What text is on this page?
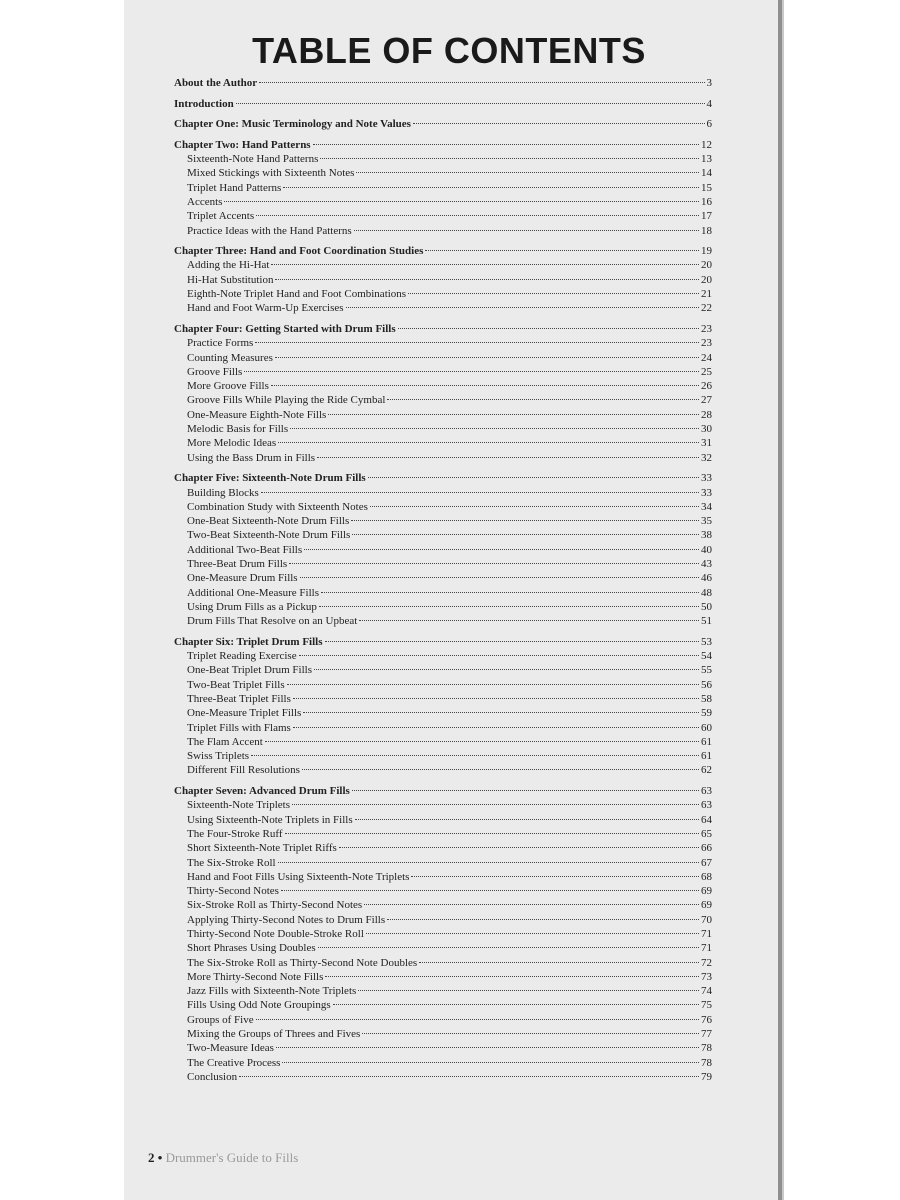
TABLE OF CONTENTS
About the Author	3
Introduction	4
Chapter One: Music Terminology and Note Values	6
Chapter Two: Hand Patterns	12
Sixteenth-Note Hand Patterns	13
Mixed Stickings with Sixteenth Notes	14
Triplet Hand Patterns	15
Accents	16
Triplet Accents	17
Practice Ideas with the Hand Patterns	18
Chapter Three: Hand and Foot Coordination Studies	19
Adding the Hi-Hat	20
Hi-Hat Substitution	20
Eighth-Note Triplet Hand and Foot Combinations	21
Hand and Foot Warm-Up Exercises	22
Chapter Four: Getting Started with Drum Fills	23
Practice Forms	23
Counting Measures	24
Groove Fills	25
More Groove Fills	26
Groove Fills While Playing the Ride Cymbal	27
One-Measure Eighth-Note Fills	28
Melodic Basis for Fills	30
More Melodic Ideas	31
Using the Bass Drum in Fills	32
Chapter Five: Sixteenth-Note Drum Fills	33
Building Blocks	33
Combination Study with Sixteenth Notes	34
One-Beat Sixteenth-Note Drum Fills	35
Two-Beat Sixteenth-Note Drum Fills	38
Additional Two-Beat Fills	40
Three-Beat Drum Fills	43
One-Measure Drum Fills	46
Additional One-Measure Fills	48
Using Drum Fills as a Pickup	50
Drum Fills That Resolve on an Upbeat	51
Chapter Six: Triplet Drum Fills	53
Triplet Reading Exercise	54
One-Beat Triplet Drum Fills	55
Two-Beat Triplet Fills	56
Three-Beat Triplet Fills	58
One-Measure Triplet Fills	59
Triplet Fills with Flams	60
The Flam Accent	61
Swiss Triplets	61
Different Fill Resolutions	62
Chapter Seven: Advanced Drum Fills	63
Sixteenth-Note Triplets	63
Using Sixteenth-Note Triplets in Fills	64
The Four-Stroke Ruff	65
Short Sixteenth-Note Triplet Riffs	66
The Six-Stroke Roll	67
Hand and Foot Fills Using Sixteenth-Note Triplets	68
Thirty-Second Notes	69
Six-Stroke Roll as Thirty-Second Notes	69
Applying Thirty-Second Notes to Drum Fills	70
Thirty-Second Note Double-Stroke Roll	71
Short Phrases Using Doubles	71
The Six-Stroke Roll as Thirty-Second Note Doubles	72
More Thirty-Second Note Fills	73
Jazz Fills with Sixteenth-Note Triplets	74
Fills Using Odd Note Groupings	75
Groups of Five	76
Mixing the Groups of Threes and Fives	77
Two-Measure Ideas	78
The Creative Process	78
Conclusion	79
2 • Drummer's Guide to Fills
